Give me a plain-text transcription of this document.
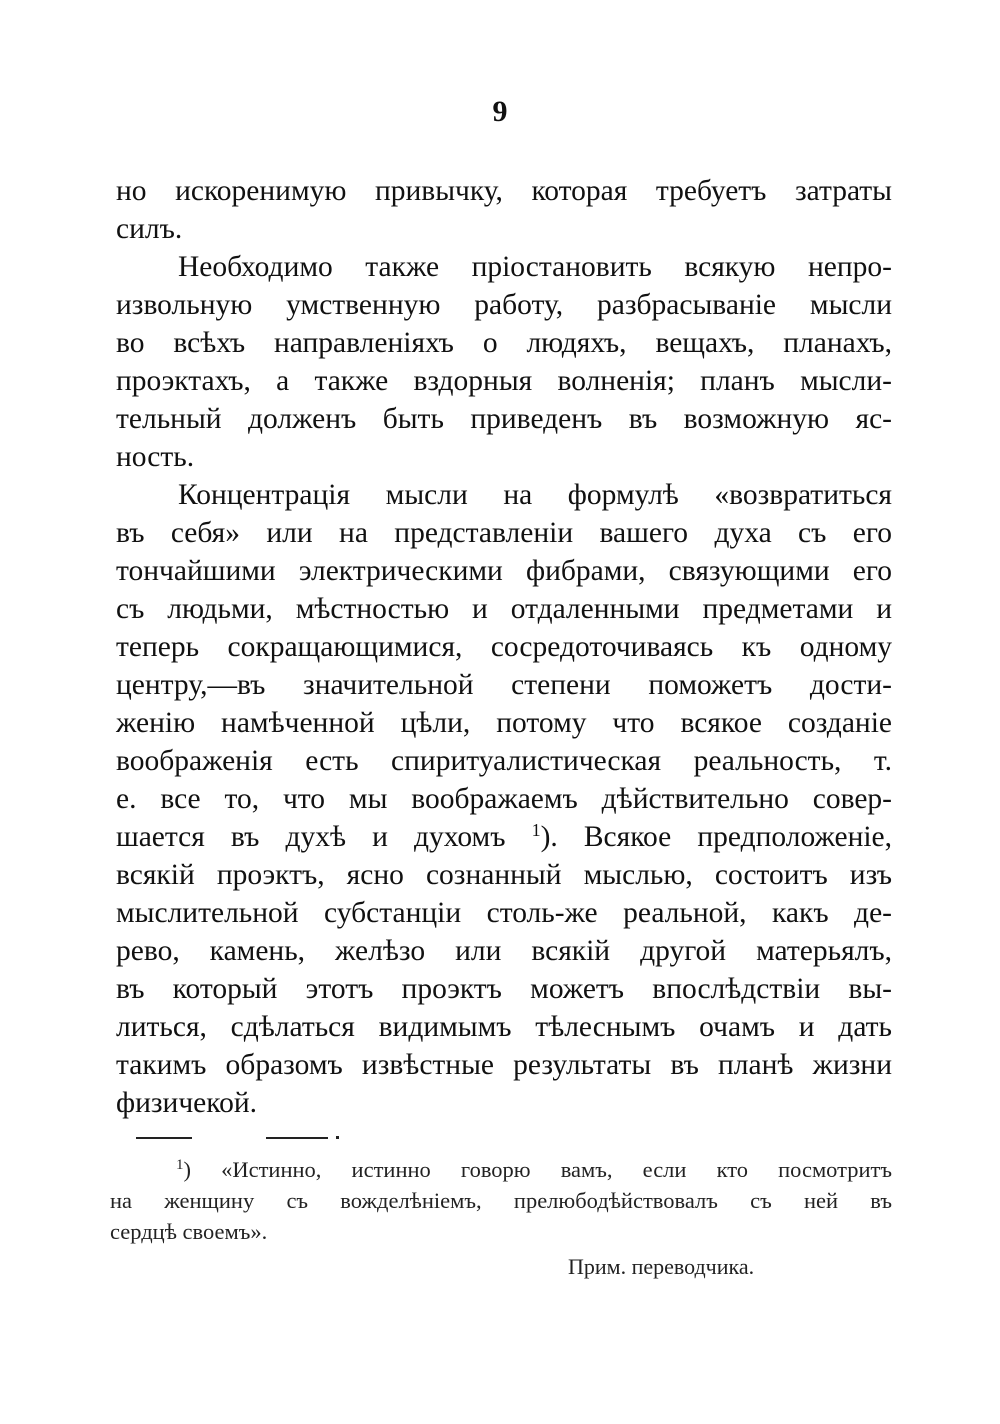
9
но искоренимую привычку, которая требуетъ затраты
силъ.
Необходимо также пріостановить всякую непро-
извольную умственную работу, разбрасываніе мысли
во всѣхъ направленіяхъ о людяхъ, вещахъ, планахъ,
проэктахъ, а также вздорныя волненія; планъ мысли-
тельный долженъ быть приведенъ въ возможную яс-
ность.
Концентрація мысли на формулѣ «возвратиться
въ себя» или на представленіи вашего духа съ его
тончайшими электрическими фибрами, связующими его
съ людьми, мѣстностью и отдаленными предметами и
теперь сокращающимися, сосредоточиваясь къ одному
центру,—въ значительной степени поможетъ дости-
женію намѣченной цѣли, потому что всякое созданіе
воображенія есть спиритуалистическая реальность, т.
е. все то, что мы воображаемъ дѣйствительно совер-
шается въ духѣ и духомъ $^1$). Всякое предположеніе,
всякій проэктъ, ясно сознанный мыслью, состоитъ изъ
мыслительной субстанціи столь-же реальной, какъ де-
рево, камень, желѣзо или всякій другой матерьялъ,
въ который этотъ проэктъ можетъ впослѣдствіи вы-
литься, сдѣлаться видимымъ тѣлеснымъ очамъ и дать
такимъ образомъ извѣстные результаты въ планѣ жизни
физичекой.
$^1$) «Истинно, истинно говорю вамъ, если кто посмотритъ
на женщину съ вожделѣніемъ, прелюбодѣйствовалъ съ ней въ
сердцѣ своемъ».
Прим. переводчика.
